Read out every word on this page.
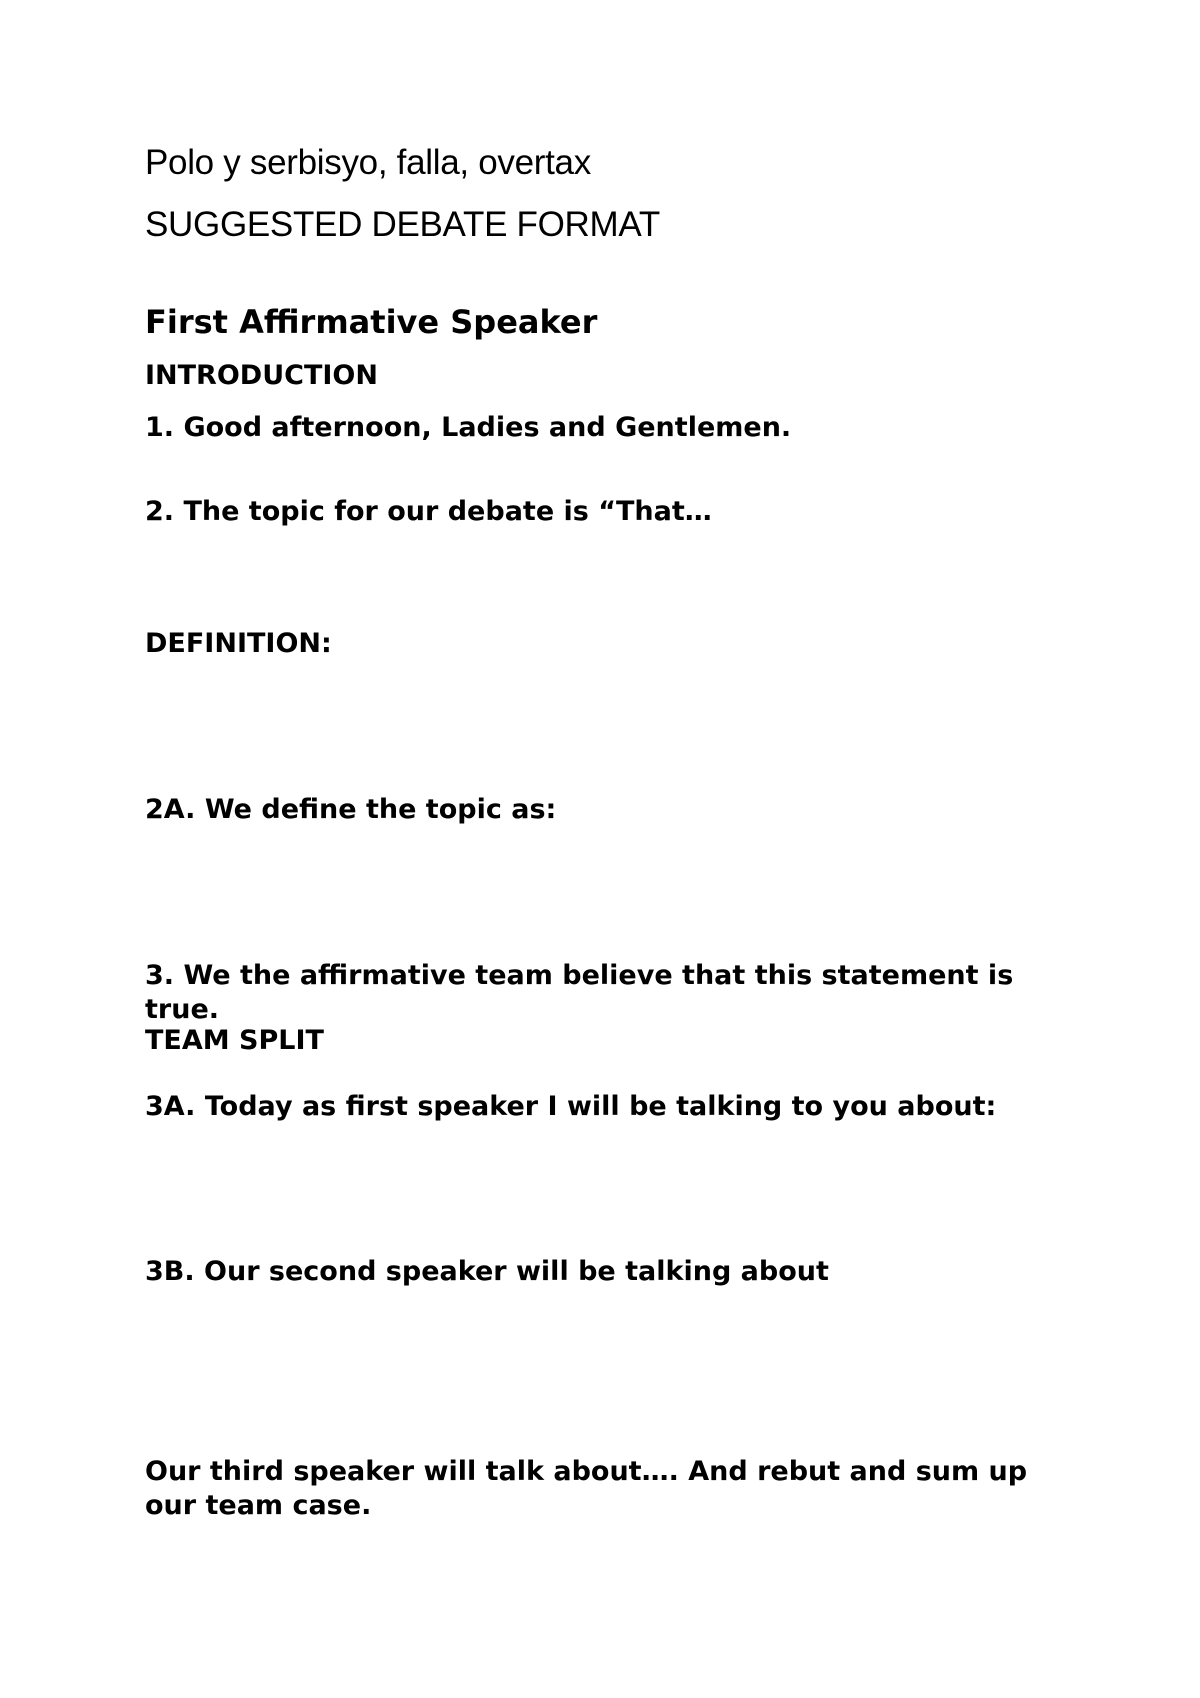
Polo y serbisyo, falla, overtax

SUGGESTED DEBATE FORMAT

First Affirmative Speaker

INTRODUCTION

1. Good afternoon, Ladies and Gentlemen.

2. The topic for our debate is “That…

DEFINITION:

2A. We define the topic as:

3. We the affirmative team believe that this statement is true.

TEAM SPLIT

3A. Today as first speaker I will be talking to you about:

3B. Our second speaker will be talking about

Our third speaker will talk about…. And rebut and sum up our team case.
